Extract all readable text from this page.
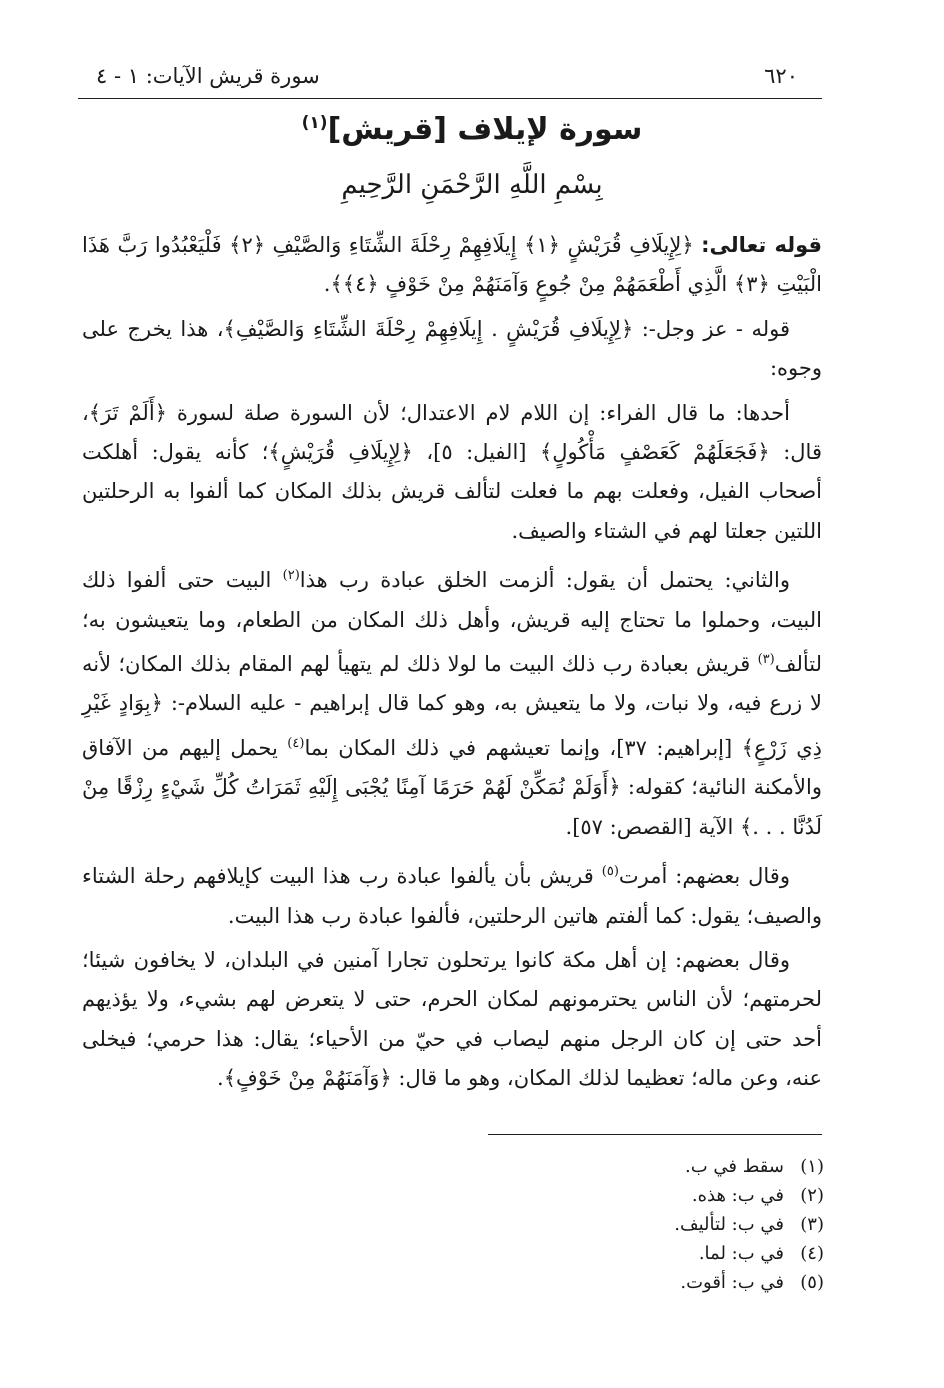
٦٢٠
سورة قريش الآيات: ١ - ٤
سورة لإيلاف [قريش]$^{(١)}$
بِسْمِ اللَّهِ الرَّحْمَنِ الرَّحِيمِ

قوله تعالى: ﴿لِإِيلَافِ قُرَيْشٍ ﴿١﴾ إِيلَافِهِمْ رِحْلَةَ الشِّتَاءِ وَالصَّيْفِ ﴿٢﴾ فَلْيَعْبُدُوا رَبَّ هَذَا الْبَيْتِ ﴿٣﴾ الَّذِي أَطْعَمَهُمْ مِنْ جُوعٍ وَآمَنَهُمْ مِنْ خَوْفٍ ﴿٤﴾﴾.

قوله - عز وجل-: ﴿لِإِيلَافِ قُرَيْشٍ . إِيلَافِهِمْ رِحْلَةَ الشِّتَاءِ وَالصَّيْفِ﴾، هذا يخرج على وجوه:

أحدها: ما قال الفراء: إن اللام لام الاعتدال؛ لأن السورة صلة لسورة ﴿أَلَمْ تَرَ﴾، قال: ﴿فَجَعَلَهُمْ كَعَصْفٍ مَأْكُولٍ﴾ [الفيل: ٥]، ﴿لِإِيلَافِ قُرَيْشٍ﴾؛ كأنه يقول: أهلكت أصحاب الفيل، وفعلت بهم ما فعلت لتألف قريش بذلك المكان كما ألفوا به الرحلتين اللتين جعلتا لهم في الشتاء والصيف.

والثاني: يحتمل أن يقول: ألزمت الخلق عبادة رب هذا$^{(٢)}$ البيت حتى ألفوا ذلك البيت، وحملوا ما تحتاج إليه قريش، وأهل ذلك المكان من الطعام، وما يتعيشون به؛ لتألف$^{(٣)}$ قريش بعبادة رب ذلك البيت ما لولا ذلك لم يتهيأ لهم المقام بذلك المكان؛ لأنه لا زرع فيه، ولا نبات، ولا ما يتعيش به، وهو كما قال إبراهيم - عليه السلام-: ﴿بِوَادٍ غَيْرِ ذِي زَرْعٍ﴾ [إبراهيم: ٣٧]، وإنما تعيشهم في ذلك المكان بما$^{(٤)}$ يحمل إليهم من الآفاق والأمكنة النائية؛ كقوله: ﴿أَوَلَمْ نُمَكِّنْ لَهُمْ حَرَمًا آمِنًا يُجْبَى إِلَيْهِ ثَمَرَاتُ كُلِّ شَيْءٍ رِزْقًا مِنْ لَدُنَّا . . .﴾ الآية [القصص: ٥٧].

وقال بعضهم: أمرت$^{(٥)}$ قريش بأن يألفوا عبادة رب هذا البيت كإيلافهم رحلة الشتاء والصيف؛ يقول: كما ألفتم هاتين الرحلتين، فألفوا عبادة رب هذا البيت.

وقال بعضهم: إن أهل مكة كانوا يرتحلون تجارا آمنين في البلدان، لا يخافون شيئا؛ لحرمتهم؛ لأن الناس يحترمونهم لمكان الحرم، حتى لا يتعرض لهم بشيء، ولا يؤذيهم أحد حتى إن كان الرجل منهم ليصاب في حيّ من الأحياء؛ يقال: هذا حرمي؛ فيخلى عنه، وعن ماله؛ تعظيما لذلك المكان، وهو ما قال: ﴿وَآمَنَهُمْ مِنْ خَوْفٍ﴾.

(١)سقط في ب.
(٢)في ب: هذه.
(٣)في ب: لتأليف.
(٤)في ب: لما.
(٥)في ب: أقوت.
